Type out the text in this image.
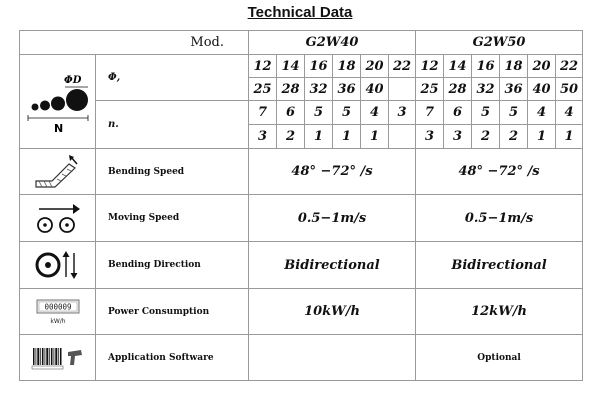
Technical Data
Mod.		G2W40						G2W50					

ΦD
N	Φ,	12	14	16	18	20	22	12	14	16	18	20	22
		25	28	32	36	40		25	28	32	36	40	50
	n.	7	6	5	5	4	3	7	6	5	5	4	4
		3	2	1	1	1		3	3	2	2	1	1

	Bending Speed	48° −72° /s						48° −72° /s					

	Moving Speed	0.5−1m/s						0.5−1m/s					

	Bending Direction	Bidirectional						Bidirectional					

000009
kW/h	Power Consumption	10kW/h						12kW/h					

	Application Software							Optional					
